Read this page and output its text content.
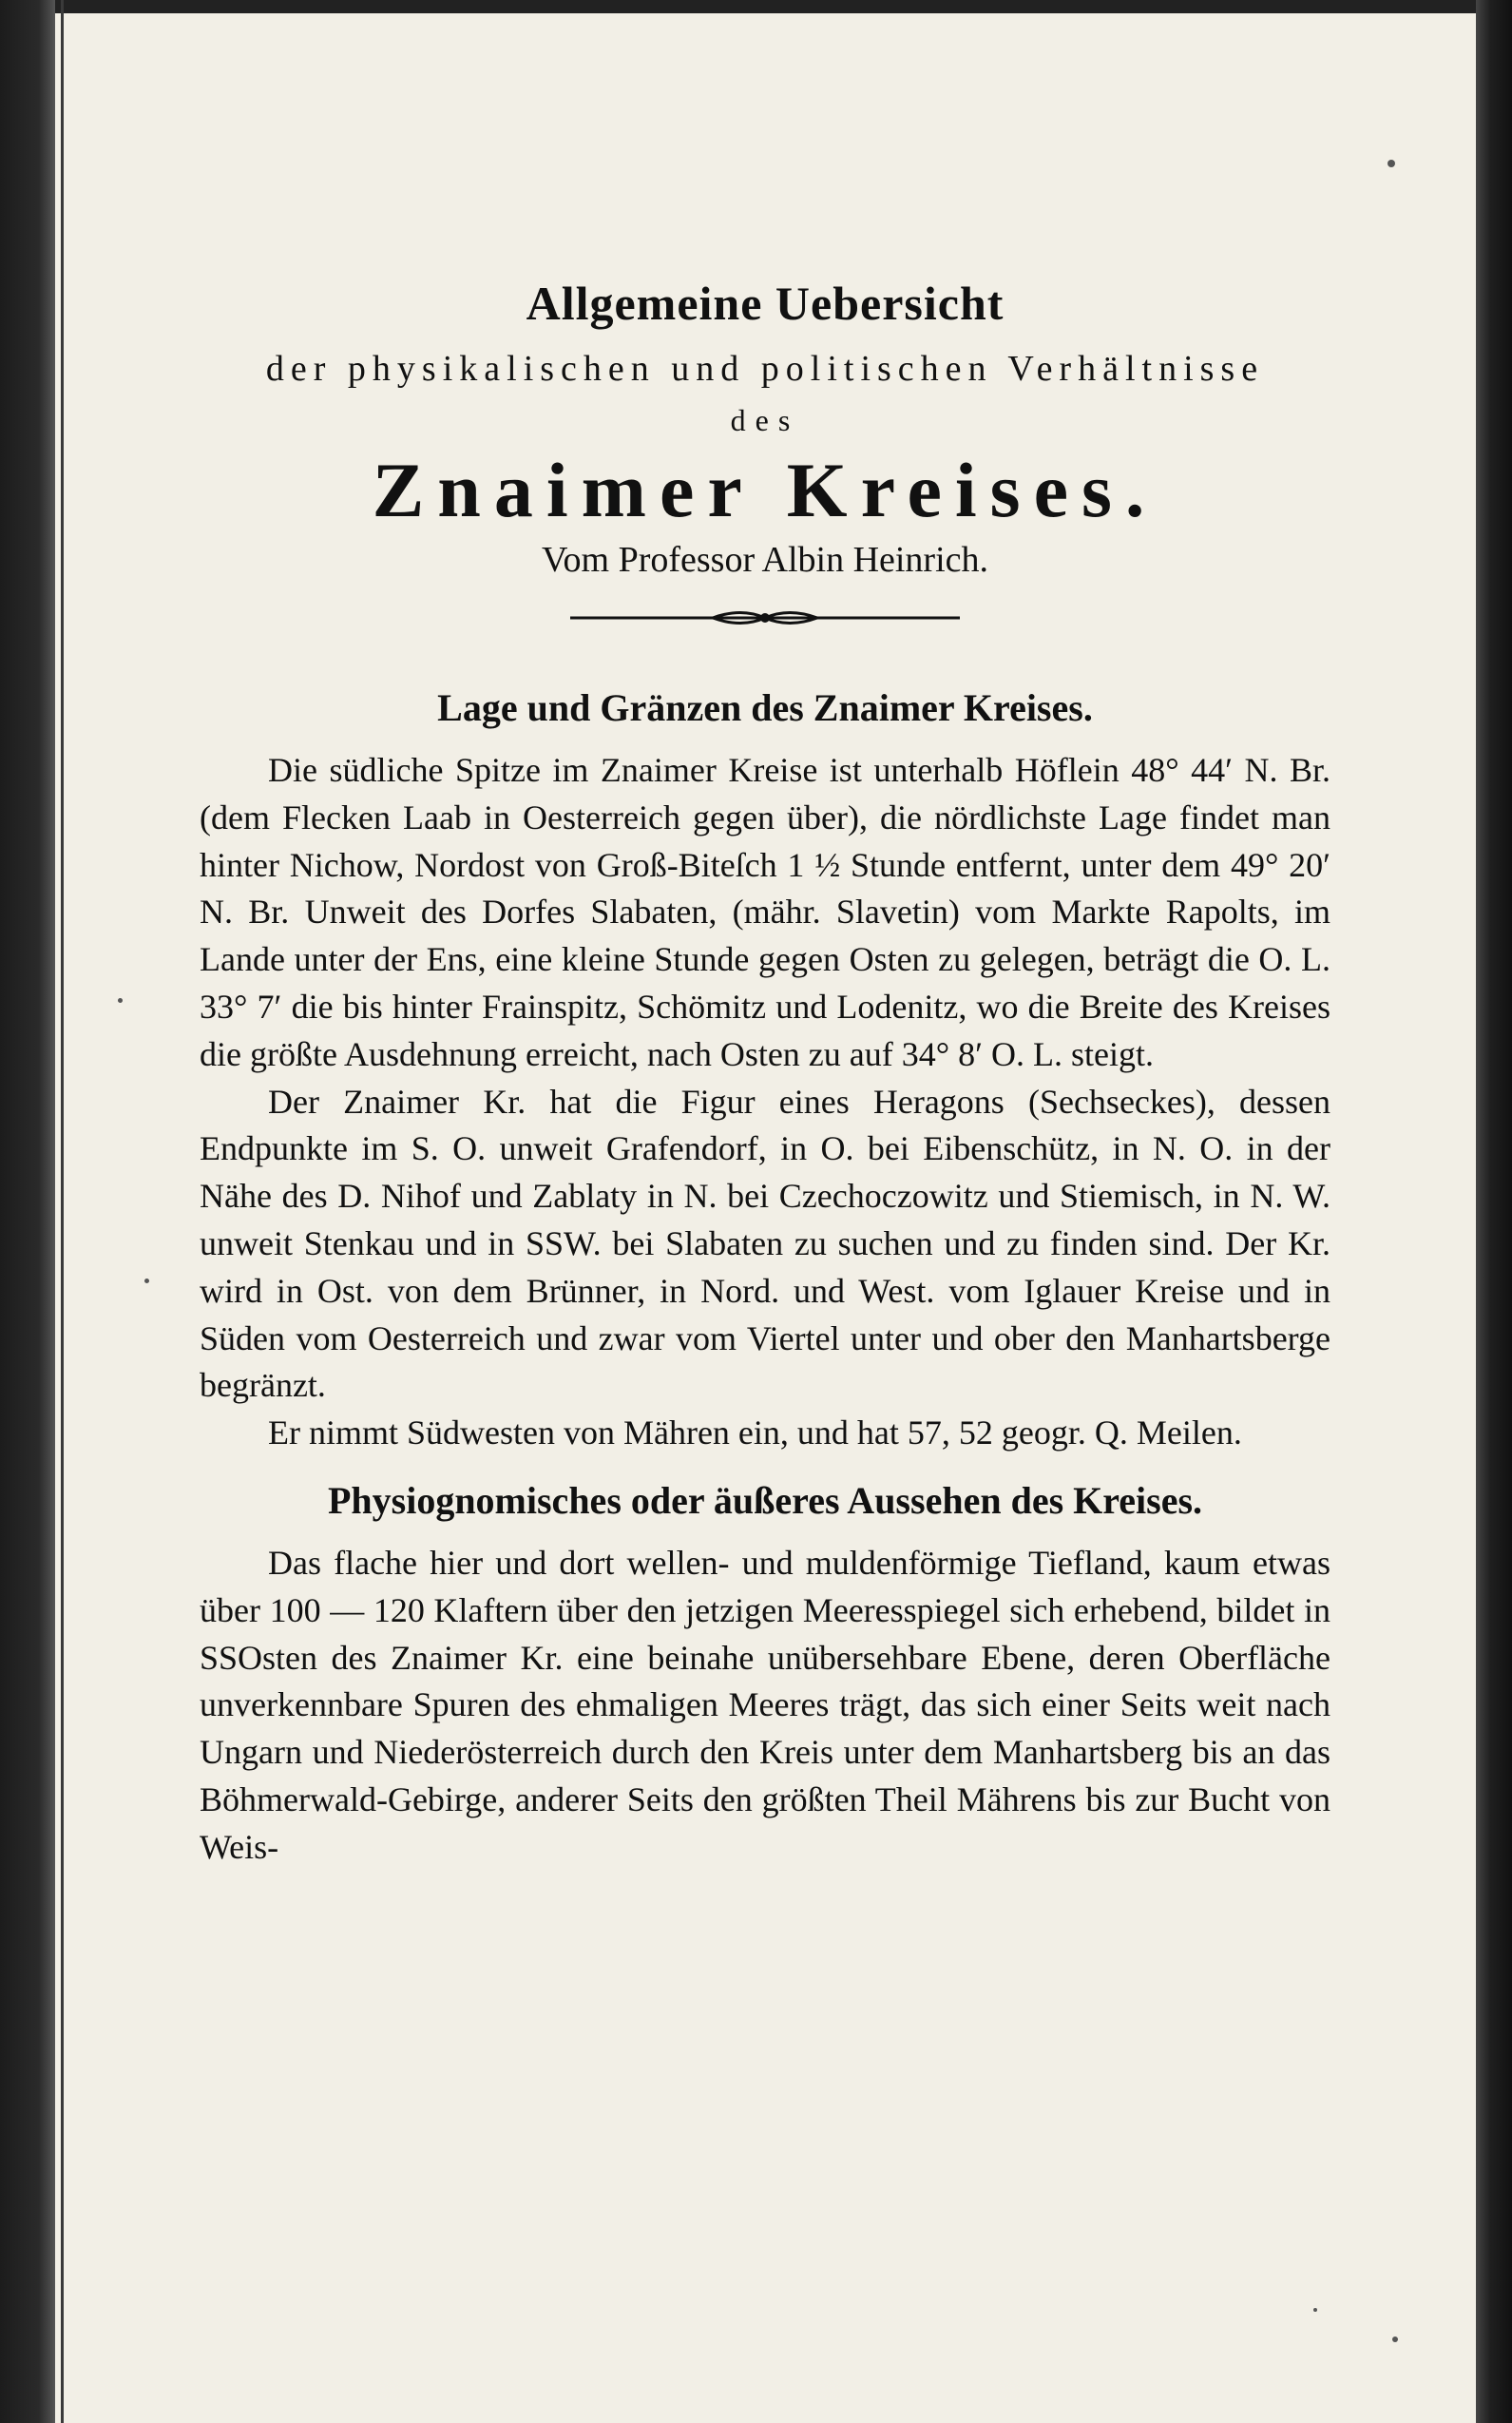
Allgemeine Uebersicht
der physikalischen und politischen Verhältnisse
des
Znaimer Kreises.
Vom Professor Albin Heinrich.
Lage und Gränzen des Znaimer Kreises.

Die südliche Spitze im Znaimer Kreise ist unterhalb Höflein 48° 44′ N. Br. (dem Flecken Laab in Oesterreich gegen über), die nördlichste Lage findet man hinter Nichow, Nordost von Groß-Biteſch 1 ½ Stunde entfernt, unter dem 49° 20′ N. Br. Unweit des Dorfes Slabaten, (mähr. Slavetin) vom Markte Rapolts, im Lande unter der Ens, eine kleine Stunde gegen Osten zu gelegen, beträgt die O. L. 33° 7′ die bis hinter Frainspitz, Schömitz und Lodenitz, wo die Breite des Kreises die größte Ausdehnung erreicht, nach Osten zu auf 34° 8′ O. L. steigt.

Der Znaimer Kr. hat die Figur eines Heragons (Sechseckes), dessen Endpunkte im S. O. unweit Grafendorf, in O. bei Eibenschütz, in N. O. in der Nähe des D. Nihof und Zablaty in N. bei Czechoczowitz und Stiemisch, in N. W. unweit Stenkau und in SSW. bei Slabaten zu suchen und zu finden sind. Der Kr. wird in Ost. von dem Brünner, in Nord. und West. vom Iglauer Kreise und in Süden vom Oesterreich und zwar vom Viertel unter und ober den Manhartsberge begränzt.

Er nimmt Südwesten von Mähren ein, und hat 57, 52 geogr. Q. Meilen.

Physiognomisches oder äußeres Aussehen des Kreises.

Das flache hier und dort wellen- und muldenförmige Tiefland, kaum etwas über 100 — 120 Klaftern über den jetzigen Meeresspiegel sich erhebend, bildet in SSOsten des Znaimer Kr. eine beinahe unübersehbare Ebene, deren Oberfläche unverkennbare Spuren des ehmaligen Meeres trägt, das sich einer Seits weit nach Ungarn und Niederösterreich durch den Kreis unter dem Manhartsberg bis an das Böhmerwald-Gebirge, anderer Seits den größten Theil Mährens bis zur Bucht von Weis-
